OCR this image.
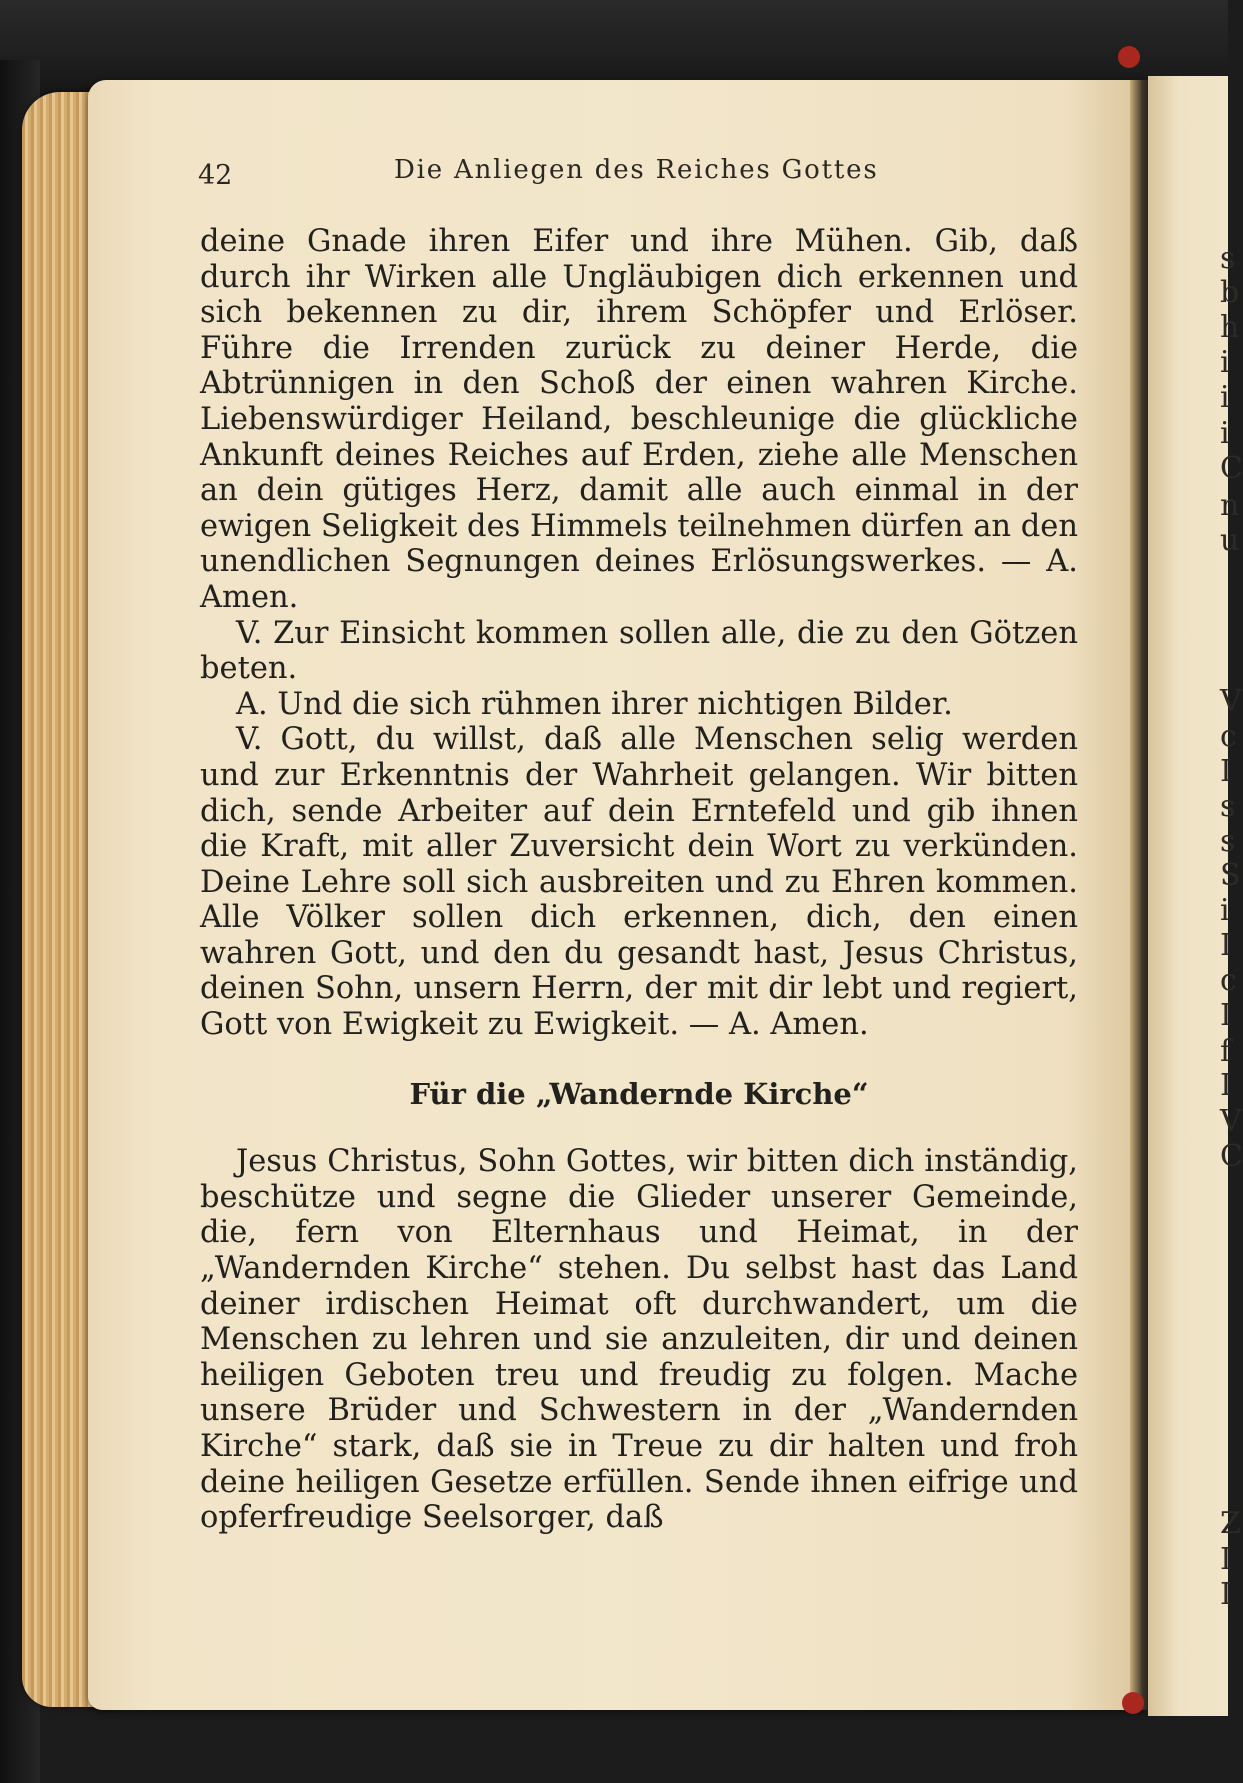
s
b
h
i
i
i
C
n
u
V
c
I
s
s
S
i
I
c
I
f
I
V
C
Z
I
I
42	Die Anliegen des Reiches Gottes

deine Gnade ihren Eifer und ihre Mühen. Gib, daß durch ihr Wirken alle Ungläubigen dich erkennen und sich bekennen zu dir, ihrem Schöpfer und Erlöser. Führe die Irrenden zurück zu deiner Herde, die Abtrünnigen in den Schoß der einen wahren Kirche. Liebenswürdiger Heiland, beschleunige die glückliche Ankunft deines Reiches auf Erden, ziehe alle Menschen an dein gütiges Herz, damit alle auch einmal in der ewigen Seligkeit des Himmels teilnehmen dürfen an den unendlichen Segnungen deines Erlösungswerkes. — A. Amen.

V. Zur Einsicht kommen sollen alle, die zu den Götzen beten.

A. Und die sich rühmen ihrer nichtigen Bilder.

V. Gott, du willst, daß alle Menschen selig werden und zur Erkenntnis der Wahrheit gelangen. Wir bitten dich, sende Arbeiter auf dein Erntefeld und gib ihnen die Kraft, mit aller Zuversicht dein Wort zu verkünden. Deine Lehre soll sich ausbreiten und zu Ehren kommen. Alle Völker sollen dich erkennen, dich, den einen wahren Gott, und den du gesandt hast, Jesus Christus, deinen Sohn, unsern Herrn, der mit dir lebt und regiert, Gott von Ewigkeit zu Ewigkeit. — A. Amen.

Für die „Wandernde Kirche“

Jesus Christus, Sohn Gottes, wir bitten dich inständig, beschütze und segne die Glieder unserer Gemeinde, die, fern von Elternhaus und Heimat, in der „Wandernden Kirche“ stehen. Du selbst hast das Land deiner irdischen Heimat oft durchwandert, um die Menschen zu lehren und sie anzuleiten, dir und deinen heiligen Geboten treu und freudig zu folgen. Mache unsere Brüder und Schwestern in der „Wandernden Kirche“ stark, daß sie in Treue zu dir halten und froh deine heiligen Gesetze erfüllen. Sende ihnen eifrige und opferfreudige Seelsorger, daß
